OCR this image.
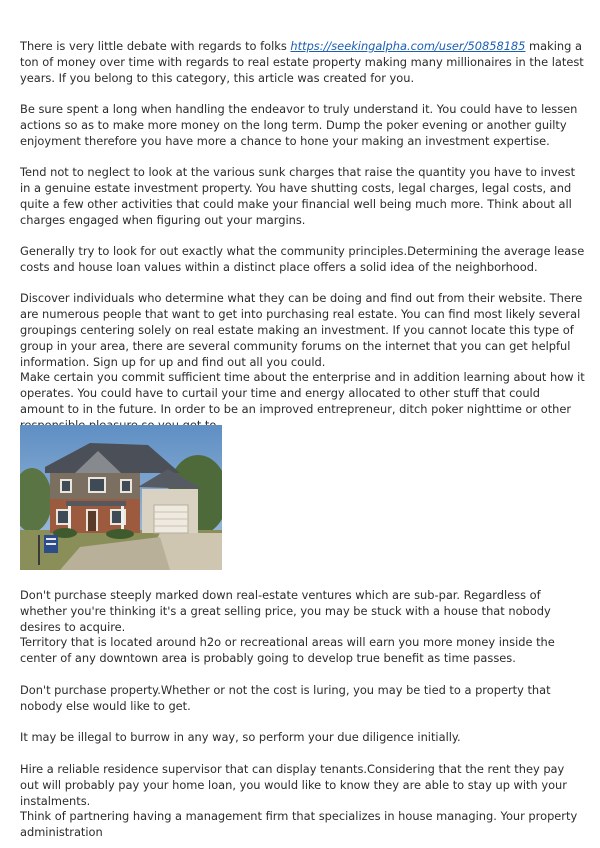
There is very little debate with regards to folks https://seekingalpha.com/user/50858185 making a ton of money over time with regards to real estate property making many millionaires in the latest years. If you belong to this category, this article was created for you.

Be sure spent a long when handling the endeavor to truly understand it. You could have to lessen actions so as to make more money on the long term. Dump the poker evening or another guilty enjoyment therefore you have more a chance to hone your making an investment expertise.

Tend not to neglect to look at the various sunk charges that raise the quantity you have to invest in a genuine estate investment property. You have shutting costs, legal charges, legal costs, and quite a few other activities that could make your financial well being much more. Think about all charges engaged when figuring out your margins.

Generally try to look for out exactly what the community principles.Determining the average lease costs and house loan values within a distinct place offers a solid idea of the neighborhood.

Discover individuals who determine what they can be doing and find out from their website. There are numerous people that want to get into purchasing real estate. You can find most likely several groupings centering solely on real estate making an investment. If you cannot locate this type of group in your area, there are several community forums on the internet that you can get helpful information. Sign up for up and find out all you could.

Make certain you commit sufficient time about the enterprise and in addition learning about how it operates. You could have to curtail your time and energy allocated to other stuff that could amount to in the future. In order to be an improved entrepreneur, ditch poker nighttime or other

Don't purchase steeply marked down real-estate ventures which are sub-par. Regardless of whether you're thinking it's a great selling price, you may be stuck with a house that nobody desires to acquire.

Territory that is located around h2o or recreational areas will earn you more money inside the center of any downtown area is probably going to develop true benefit as time passes.

Don't purchase property.Whether or not the cost is luring, you may be tied to a property that nobody else would like to get.

It may be illegal to burrow in any way, so perform your due diligence initially.

Hire a reliable residence supervisor that can display tenants.Considering that the rent they pay out will probably pay your home loan, you would like to know they are able to stay up with your instalments.

Think of partnering having a management firm that specializes in house managing. Your property administration
